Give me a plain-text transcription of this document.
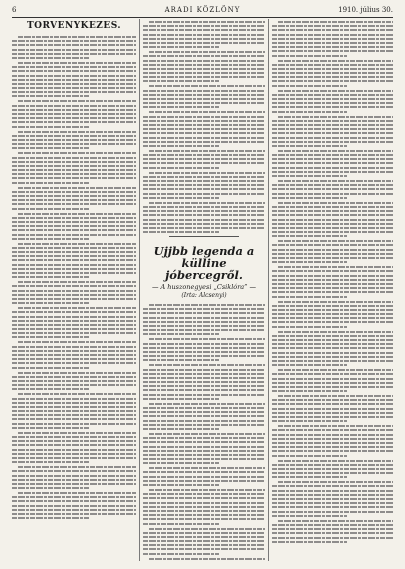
6	ARADI KÖZLÖNY	1910. július 30.
TÖRVÉNYKEZÉS.
Ujjbb legenda a külline jóbercegről.
— A huszonegyesi „Csiklóra” —
(Irta: Alcsenyi)
